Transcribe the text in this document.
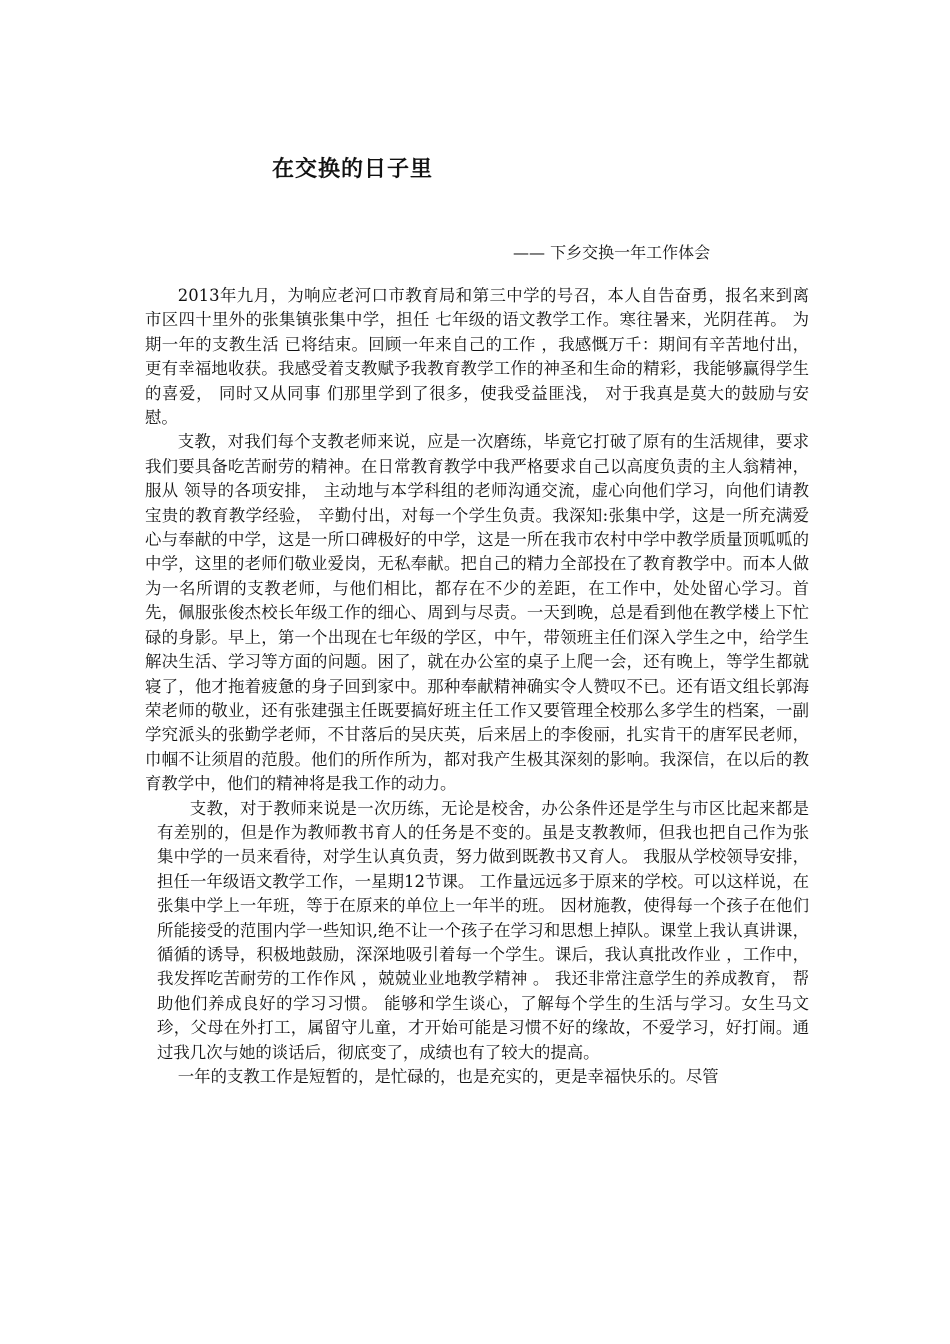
在交换的日子里

—— 下乡交换一年工作体会

2013年九月，为响应老河口市教育局和第三中学的号召，本人自告奋勇，报名来到离市区四十里外的张集镇张集中学，担任 七年级的语文教学工作。寒往暑来，光阴荏苒。 为期一年的支教生活 已将结束。回顾一年来自己的工作 ，我感慨万千：期间有辛苦地付出， 更有幸福地收获。我感受着支教赋予我教育教学工作的神圣和生命的精彩，我能够赢得学生的喜爱， 同时又从同事 们那里学到了很多，使我受益匪浅， 对于我真是莫大的鼓励与安慰。

支教，对我们每个支教老师来说，应是一次磨练，毕竟它打破了原有的生活规律，要求我们要具备吃苦耐劳的精神。在日常教育教学中我严格要求自己以高度负责的主人翁精神，服从 领导的各项安排， 主动地与本学科组的老师沟通交流，虚心向他们学习，向他们请教宝贵的教育教学经验， 辛勤付出，对每一个学生负责。我深知:张集中学，这是一所充满爱心与奉献的中学，这是一所口碑极好的中学，这是一所在我市农村中学中教学质量顶呱呱的中学，这里的老师们敬业爱岗，无私奉献。把自己的精力全部投在了教育教学中。而本人做为一名所谓的支教老师，与他们相比，都存在不少的差距，在工作中，处处留心学习。首先，佩服张俊杰校长年级工作的细心、周到与尽责。一天到晚，总是看到他在教学楼上下忙碌的身影。早上，第一个出现在七年级的学区，中午，带领班主任们深入学生之中，给学生解决生活、学习等方面的问题。困了，就在办公室的桌子上爬一会，还有晚上，等学生都就寝了，他才拖着疲惫的身子回到家中。那种奉献精神确实令人赞叹不已。还有语文组长郭海荣老师的敬业，还有张建强主任既要搞好班主任工作又要管理全校那么多学生的档案，一副学究派头的张勤学老师，不甘落后的吴庆英，后来居上的李俊丽，扎实肯干的唐军民老师，巾帼不让须眉的范殷。他们的所作所为，都对我产生极其深刻的影响。我深信，在以后的教育教学中，他们的精神将是我工作的动力。

支教，对于教师来说是一次历练，无论是校舍，办公条件还是学生与市区比起来都是有差别的，但是作为教师教书育人的任务是不变的。虽是支教教师，但我也把自己作为张集中学的一员来看待，对学生认真负责，努力做到既教书又育人。 我服从学校领导安排，担任一年级语文教学工作，一星期12节课。 工作量远远多于原来的学校。可以这样说，在张集中学上一年班，等于在原来的单位上一年半的班。 因材施教，使得每一个孩子在他们所能接受的范围内学一些知识,绝不让一个孩子在学习和思想上掉队。课堂上我认真讲课，循循的诱导，积极地鼓励，深深地吸引着每一个学生。课后，我认真批改作业 ，工作中，我发挥吃苦耐劳的工作作风 ，兢兢业业地教学精神 。 我还非常注意学生的养成教育， 帮助他们养成良好的学习习惯。 能够和学生谈心，了解每个学生的生活与学习。女生马文珍，父母在外打工，属留守儿童，才开始可能是习惯不好的缘故，不爱学习，好打闹。通过我几次与她的谈话后，彻底变了，成绩也有了较大的提高。

一年的支教工作是短暂的，是忙碌的，也是充实的，更是幸福快乐的。尽管
